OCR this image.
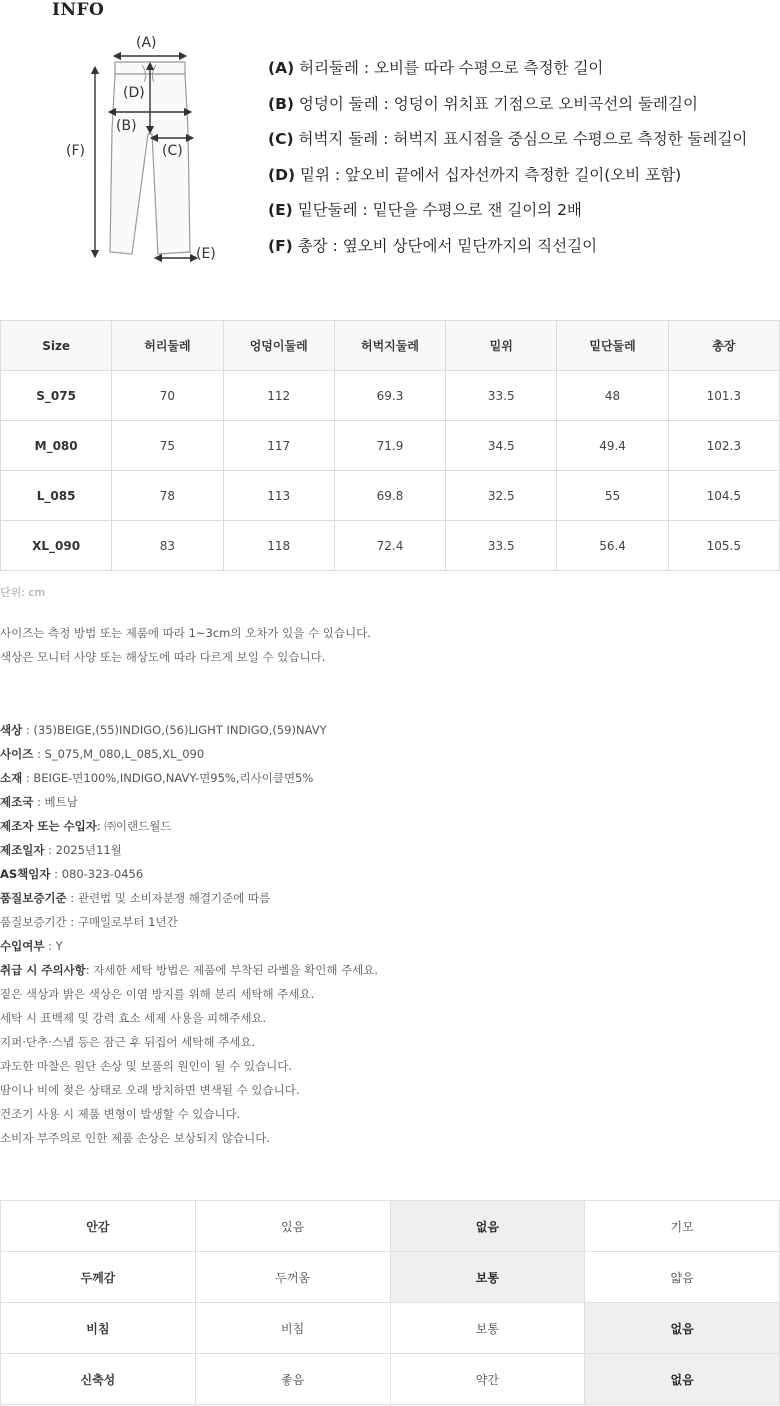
INFO
(A)
(D)
(B)
(C)
(E)
(F)
(A) 허리둘레 : 오비를 따라 수평으로 측정한 길이
(B) 엉덩이 둘레 : 엉덩이 위치표 기점으로 오비곡선의 둘레길이
(C) 허벅지 둘레 : 허벅지 표시점을 중심으로 수평으로 측정한 둘레길이
(D) 밑위 : 앞오비 끝에서 십자선까지 측정한 길이(오비 포함)
(E) 밑단둘레 : 밑단을 수평으로 잰 길이의 2배
(F) 총장 : 옆오비 상단에서 밑단까지의 직선길이
Size	허리둘레	엉덩이둘레	허벅지둘레	밑위	밑단둘레	총장
S_075	70	112	69.3	33.5	48	101.3
M_080	75	117	71.9	34.5	49.4	102.3
L_085	78	113	69.8	32.5	55	104.5
XL_090	83	118	72.4	33.5	56.4	105.5
단위: cm
사이즈는 측정 방법 또는 제품에 따라 1~3cm의 오차가 있을 수 있습니다.
색상은 모니터 사양 또는 해상도에 따라 다르게 보일 수 있습니다.
색상 : (35)BEIGE,(55)INDIGO,(56)LIGHT INDIGO,(59)NAVY
사이즈 : S_075,M_080,L_085,XL_090
소재 : BEIGE-면100%,INDIGO,NAVY-면95%,리사이클면5%
제조국 : 베트남
제조자 또는 수입자: ㈜이랜드월드
제조일자 : 2025년11월
AS책임자 : 080-323-0456
품질보증기준 : 관련법 및 소비자분쟁 해결기준에 따름
품질보증기간 : 구매일로부터 1년간
수입여부 : Y
취급 시 주의사항: 자세한 세탁 방법은 제품에 부착된 라벨을 확인해 주세요.
짙은 색상과 밝은 색상은 이염 방지를 위해 분리 세탁해 주세요.
세탁 시 표백제 및 강력 효소 세제 사용을 피해주세요.
지퍼·단추·스냅 등은 잠근 후 뒤집어 세탁해 주세요.
과도한 마찰은 원단 손상 및 보풀의 원인이 될 수 있습니다.
땀이나 비에 젖은 상태로 오래 방치하면 변색될 수 있습니다.
건조기 사용 시 제품 변형이 발생할 수 있습니다.
소비자 부주의로 인한 제품 손상은 보상되지 않습니다.
안감	있음	없음	기모
두께감	두꺼움	보통	얇음
비침	비침	보통	없음
신축성	좋음	약간	없음
